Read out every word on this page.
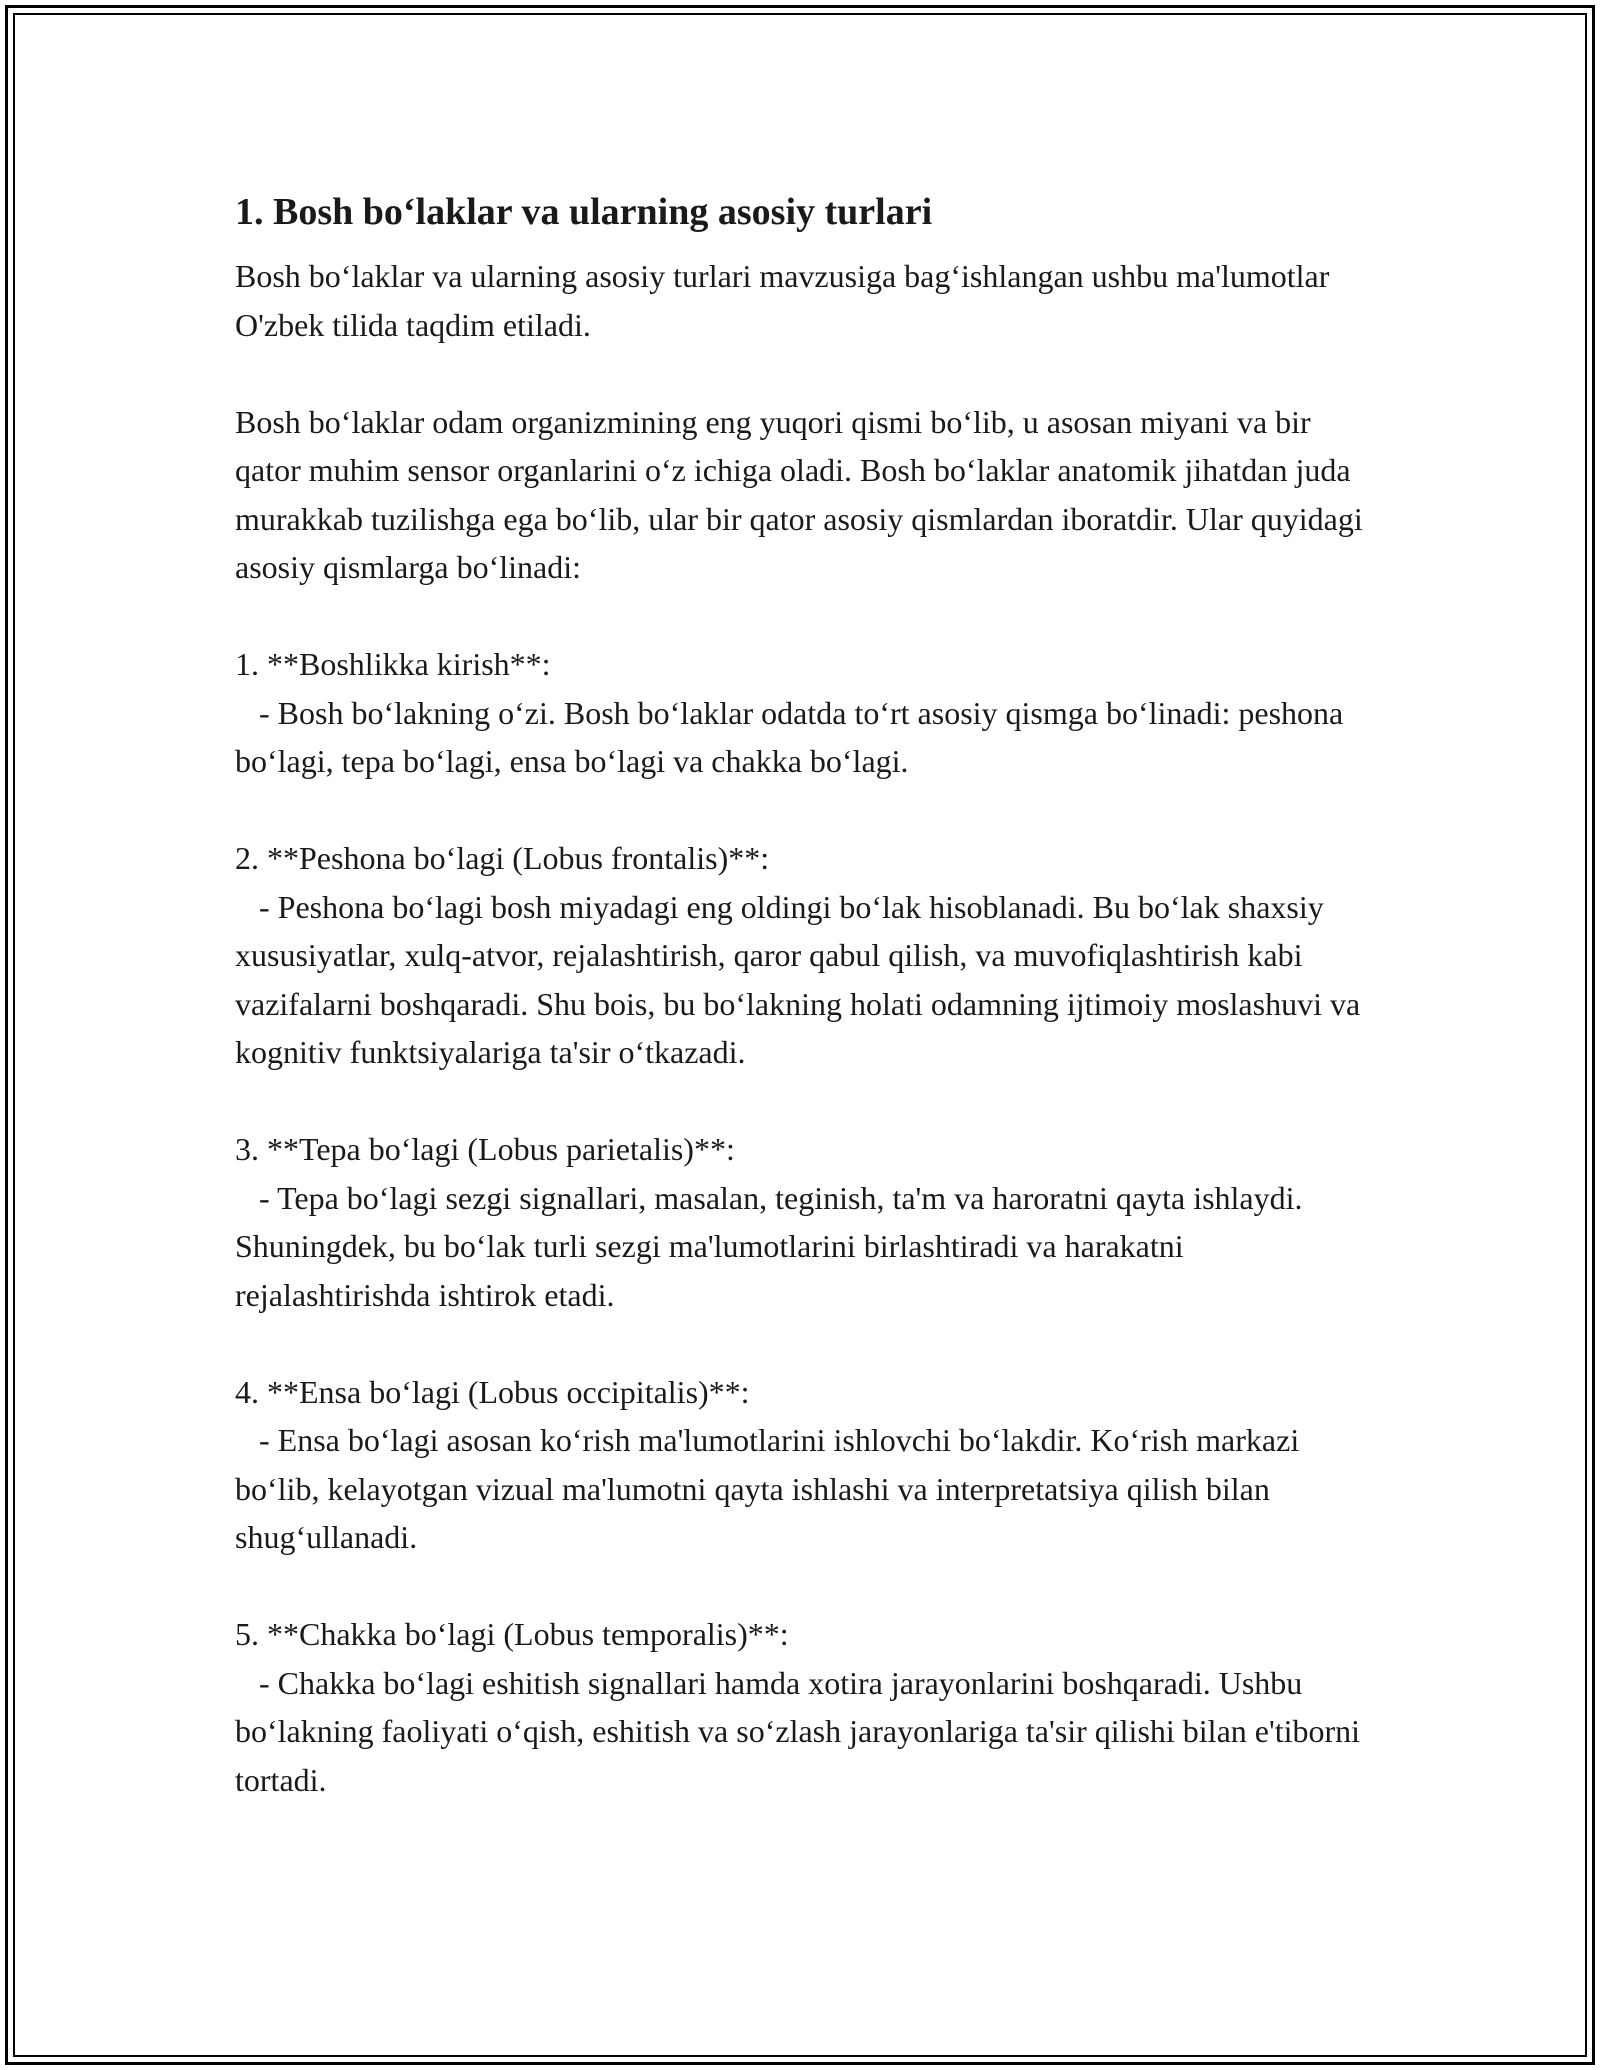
1. Bosh bo‘laklar va ularning asosiy turlari

Bosh bo‘laklar va ularning asosiy turlari mavzusiga bag‘ishlangan ushbu ma'lumotlar O'zbek tilida taqdim etiladi.

Bosh bo‘laklar odam organizmining eng yuqori qismi bo‘lib, u asosan miyani va bir qator muhim sensor organlarini o‘z ichiga oladi. Bosh bo‘laklar anatomik jihatdan juda murakkab tuzilishga ega bo‘lib, ular bir qator asosiy qismlardan iboratdir. Ular quyidagi asosiy qismlarga bo‘linadi:

1. **Boshlikka kirish**:

- Bosh bo‘lakning o‘zi. Bosh bo‘laklar odatda to‘rt asosiy qismga bo‘linadi: peshona bo‘lagi, tepa bo‘lagi, ensa bo‘lagi va chakka bo‘lagi.

2. **Peshona bo‘lagi (Lobus frontalis)**:

- Peshona bo‘lagi bosh miyadagi eng oldingi bo‘lak hisoblanadi. Bu bo‘lak shaxsiy xususiyatlar, xulq-atvor, rejalashtirish, qaror qabul qilish, va muvofiqlashtirish kabi vazifalarni boshqaradi. Shu bois, bu bo‘lakning holati odamning ijtimoiy moslashuvi va kognitiv funktsiyalariga ta'sir o‘tkazadi.

3. **Tepa bo‘lagi (Lobus parietalis)**:

- Tepa bo‘lagi sezgi signallari, masalan, teginish, ta'm va haroratni qayta ishlaydi. Shuningdek, bu bo‘lak turli sezgi ma'lumotlarini birlashtiradi va harakatni rejalashtirishda ishtirok etadi.

4. **Ensa bo‘lagi (Lobus occipitalis)**:

- Ensa bo‘lagi asosan ko‘rish ma'lumotlarini ishlovchi bo‘lakdir. Ko‘rish markazi bo‘lib, kelayotgan vizual ma'lumotni qayta ishlashi va interpretatsiya qilish bilan shug‘ullanadi.

5. **Chakka bo‘lagi (Lobus temporalis)**:

- Chakka bo‘lagi eshitish signallari hamda xotira jarayonlarini boshqaradi. Ushbu bo‘lakning faoliyati o‘qish, eshitish va so‘zlash jarayonlariga ta'sir qilishi bilan e'tiborni tortadi.
